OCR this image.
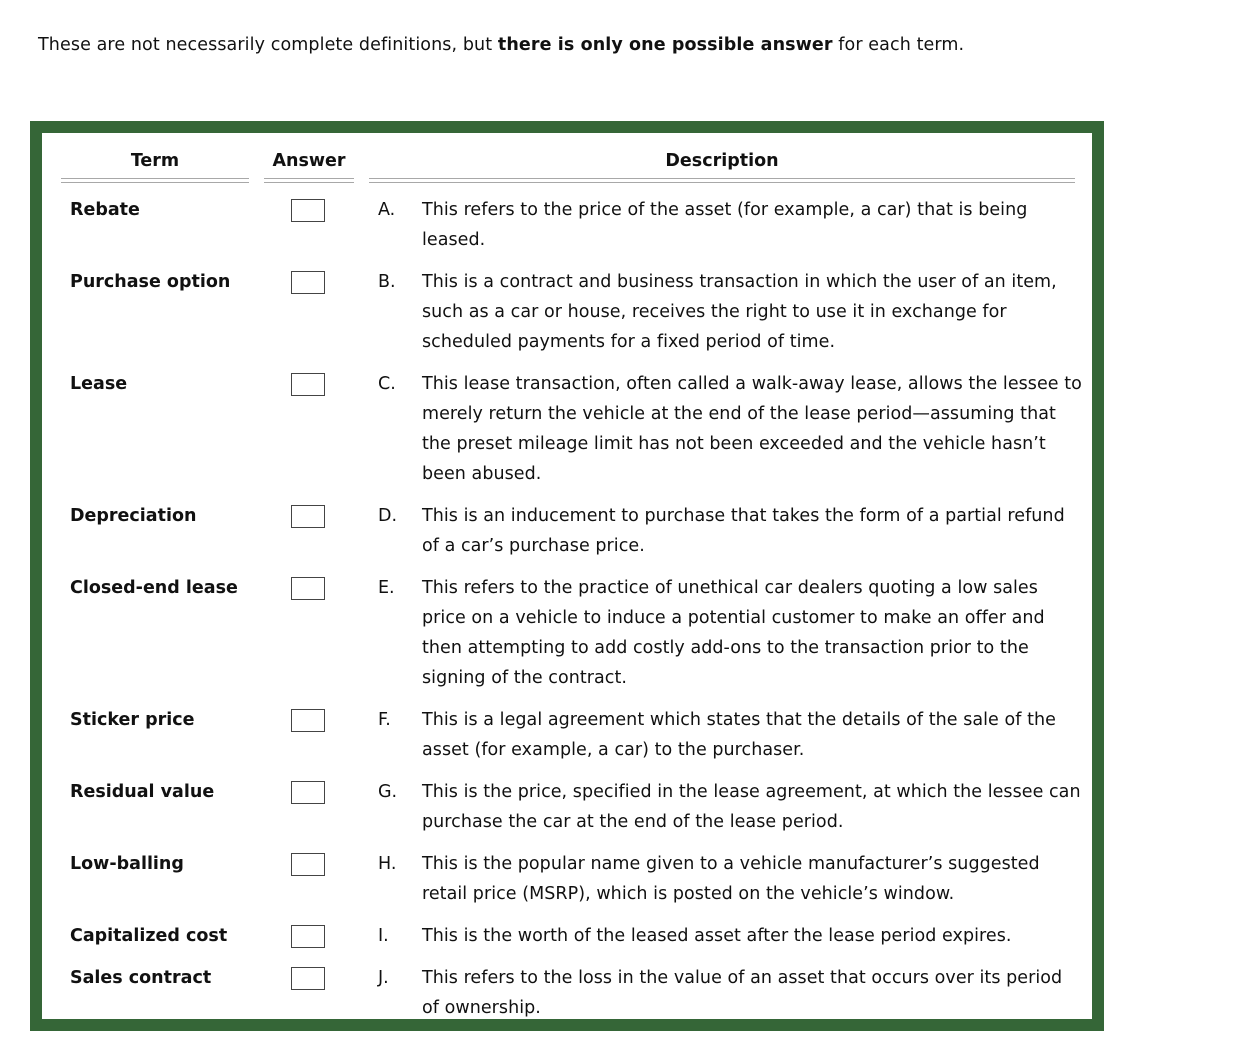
These are not necessarily complete definitions, but there is only one possible answer for each term.
Term	Answer	Description
Rebate
Purchase option
Lease
Depreciation
Closed-end lease
Sticker price
Residual value
Low-balling
Capitalized cost
Sales contract
A.
B.
C.
D.
E.
F.
G.
H.
I.
J.
This refers to the price of the asset (for example, a car) that is being leased.
This is a contract and business transaction in which the user of an item, such as a car or house, receives the right to use it in exchange for scheduled payments for a fixed period of time.
This lease transaction, often called a walk-away lease, allows the lessee to merely return the vehicle at the end of the lease period—assuming that the preset mileage limit has not been exceeded and the vehicle hasn’t been abused.
This is an inducement to purchase that takes the form of a partial refund of a car’s purchase price.
This refers to the practice of unethical car dealers quoting a low sales price on a vehicle to induce a potential customer to make an offer and then attempting to add costly add-ons to the transaction prior to the signing of the contract.
This is a legal agreement which states that the details of the sale of the asset (for example, a car) to the purchaser.
This is the price, specified in the lease agreement, at which the lessee can purchase the car at the end of the lease period.
This is the popular name given to a vehicle manufacturer’s suggested retail price (MSRP), which is posted on the vehicle’s window.
This is the worth of the leased asset after the lease period expires.
This refers to the loss in the value of an asset that occurs over its period of ownership.
